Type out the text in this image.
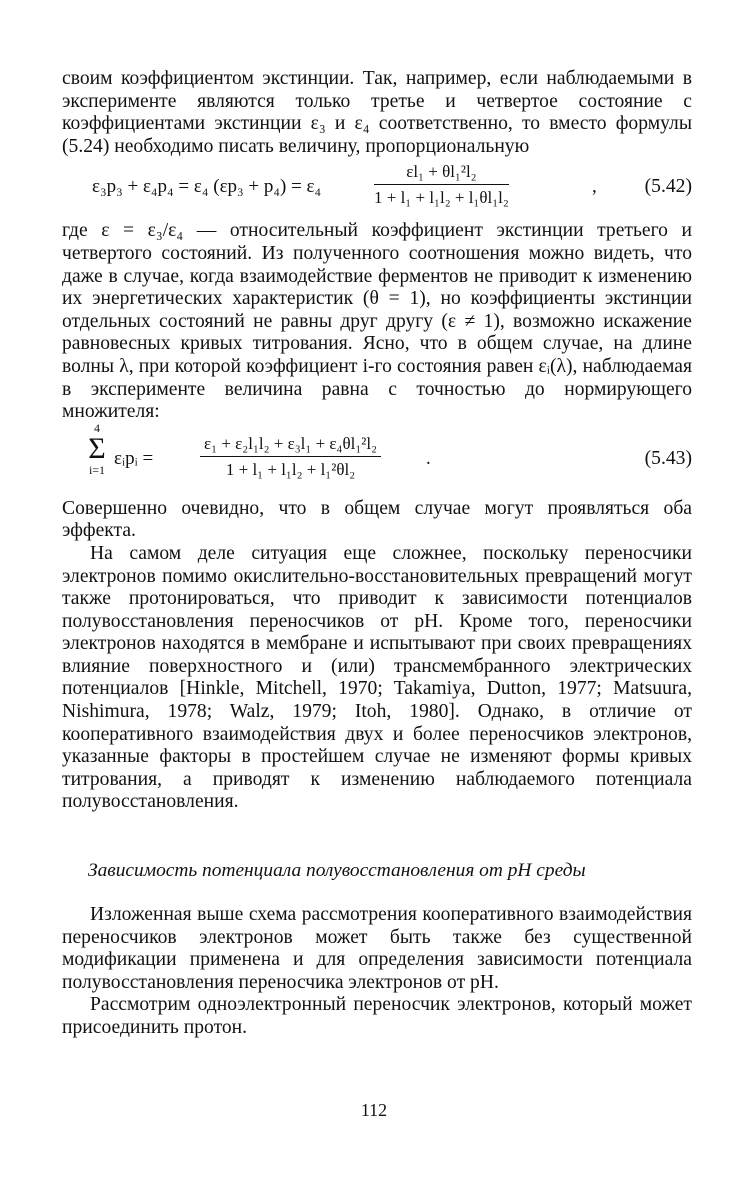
своим коэффициентом экстинции. Так, например, если наблюдаемыми в эксперименте являются только третье и четвертое состояние с коэффициентами экстинции ε₃ и ε₄ соответственно, то вместо формулы (5.24) необходимо писать величину, пропорциональную

ε₃p₃ + ε₄p₄ = ε₄ (εp₃ + p₄) = ε₄	$\frac{\text{εl₁ + θl₁²l₂}}{\text{1 + l₁ + l₁l₂ + l₁θl₁l₂}}$	, (5.42)

где ε = ε₃/ε₄ — относительный коэффициент экстинции третьего и четвертого состояний. Из полученного соотношения можно видеть, что даже в случае, когда взаимодействие ферментов не приводит к изменению их энергетических характеристик (θ = 1), но коэффициенты экстинции отдельных состояний не равны друг другу (ε ≠ 1), возможно искажение равновесных кривых титрования. Ясно, что в общем случае, на длине волны λ, при которой коэффициент i-го состояния равен εᵢ(λ), наблюдаемая в эксперименте величина равна с точностью до нормирующего множителя:

4
Σ
i=1
εᵢpᵢ =	$\frac{\text{ε₁ + ε₂l₁l₂ + ε₃l₁ + ε₄θl₁²l₂}}{\text{1 + l₁ + l₁l₂ + l₁²θl₂}}$ .	(5.43)

Совершенно очевидно, что в общем случае могут проявляться оба эффекта.

На самом деле ситуация еще сложнее, поскольку переносчики электронов помимо окислительно-восстановительных превращений могут также протонироваться, что приводит к зависимости потенциалов полувосстановления переносчиков от pH. Кроме того, переносчики электронов находятся в мембране и испытывают при своих превращениях влияние поверхностного и (или) трансмембранного электрических потенциалов [Hinkle, Mitchell, 1970; Takamiya, Dutton, 1977; Matsuura, Nishimura, 1978; Walz, 1979; Itoh, 1980]. Однако, в отличие от кооперативного взаимодействия двух и более переносчиков электронов, указанные факторы в простейшем случае не изменяют формы кривых титрования, а приводят к изменению наблюдаемого потенциала полувосстановления.

Зависимость потенциала полувосстановления от pH среды

Изложенная выше схема рассмотрения кооперативного взаимодействия переносчиков электронов может быть также без существенной модификации применена и для определения зависимости потенциала полувосстановления переносчика электронов от pH.

Рассмотрим одноэлектронный переносчик электронов, который может присоединить протон.

112
